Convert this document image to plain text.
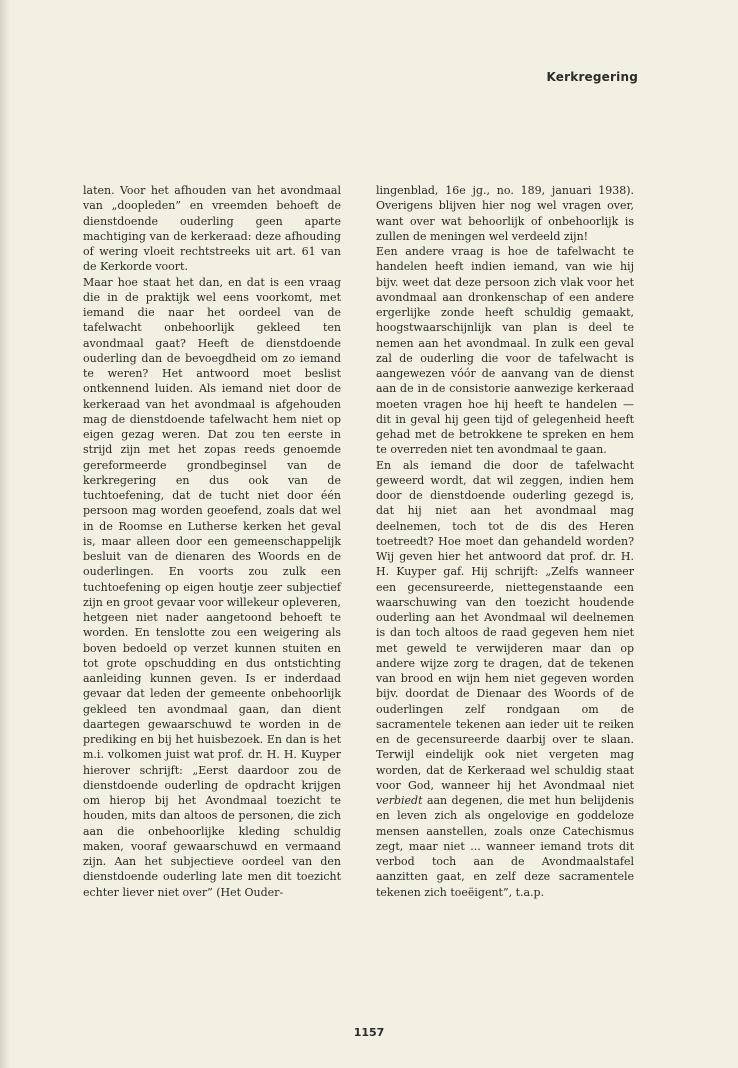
Kerkregering

laten. Voor het afhouden van het avondmaal van „doopleden” en vreemden behoeft de dienstdoende ouderling geen aparte machtiging van de kerkeraad: deze afhouding of wering vloeit rechtstreeks uit art. 61 van de Kerkorde voort.

Maar hoe staat het dan, en dat is een vraag die in de praktijk wel eens voorkomt, met iemand die naar het oordeel van de tafelwacht onbehoorlijk gekleed ten avondmaal gaat? Heeft de dienstdoende ouderling dan de bevoegdheid om zo iemand te weren? Het antwoord moet beslist ontkennend luiden. Als iemand niet door de kerkeraad van het avondmaal is afgehouden mag de dienstdoende tafelwacht hem niet op eigen gezag weren. Dat zou ten eerste in strijd zijn met het zopas reeds genoemde gereformeerde grondbeginsel van de kerkregering en dus ook van de tuchtoefening, dat de tucht niet door één persoon mag worden geoefend, zoals dat wel in de Roomse en Lutherse kerken het geval is, maar alleen door een gemeenschappelijk besluit van de dienaren des Woords en de ouderlingen. En voorts zou zulk een tuchtoefening op eigen houtje zeer subjectief zijn en groot gevaar voor willekeur opleveren, hetgeen niet nader aangetoond behoeft te worden. En tenslotte zou een weigering als boven bedoeld op verzet kunnen stuiten en tot grote opschudding en dus ontstichting aanleiding kunnen geven. Is er inderdaad gevaar dat leden der gemeente onbehoorlijk gekleed ten avondmaal gaan, dan dient daartegen gewaarschuwd te worden in de prediking en bij het huisbezoek. En dan is het m.i. volkomen juist wat prof. dr. H. H. Kuyper hierover schrijft: „Eerst daardoor zou de dienstdoende ouderling de opdracht krijgen om hierop bij het Avondmaal toezicht te houden, mits dan altoos de personen, die zich aan die onbehoorlijke kleding schuldig maken, vooraf gewaarschuwd en vermaand zijn. Aan het subjectieve oordeel van den dienstdoende ouderling late men dit toezicht echter liever niet over” (Het Ouder-

lingenblad, 16e jg., no. 189, januari 1938). Overigens blijven hier nog wel vragen over, want over wat behoorlijk of onbehoorlijk is zullen de meningen wel verdeeld zijn!

Een andere vraag is hoe de tafelwacht te handelen heeft indien iemand, van wie hij bijv. weet dat deze persoon zich vlak voor het avondmaal aan dronkenschap of een andere ergerlijke zonde heeft schuldig gemaakt, hoogstwaarschijnlijk van plan is deel te nemen aan het avondmaal. In zulk een geval zal de ouderling die voor de tafelwacht is aangewezen vóór de aanvang van de dienst aan de in de consistorie aanwezige kerkeraad moeten vragen hoe hij heeft te handelen — dit in geval hij geen tijd of gelegenheid heeft gehad met de betrokkene te spreken en hem te overreden niet ten avondmaal te gaan.

En als iemand die door de tafelwacht geweerd wordt, dat wil zeggen, indien hem door de dienstdoende ouderling gezegd is, dat hij niet aan het avondmaal mag deelnemen, toch tot de dis des Heren toetreedt? Hoe moet dan gehandeld worden? Wij geven hier het antwoord dat prof. dr. H. H. Kuyper gaf. Hij schrijft: „Zelfs wanneer een gecensureerde, niettegenstaande een waarschuwing van den toezicht houdende ouderling aan het Avondmaal wil deelnemen is dan toch altoos de raad gegeven hem niet met geweld te verwijderen maar dan op andere wijze zorg te dragen, dat de tekenen van brood en wijn hem niet gegeven worden bijv. doordat de Dienaar des Woords of de ouderlingen zelf rondgaan om de sacramentele tekenen aan ieder uit te reiken en de gecensureerde daarbij over te slaan. Terwijl eindelijk ook niet vergeten mag worden, dat de Kerkeraad wel schuldig staat voor God, wanneer hij het Avondmaal niet verbiedt aan degenen, die met hun belijdenis en leven zich als ongelovige en goddeloze mensen aanstellen, zoals onze Catechismus zegt, maar niet ... wanneer iemand trots dit verbod toch aan de Avondmaalstafel aanzitten gaat, en zelf deze sacramentele tekenen zich toeëigent”, t.a.p.

1157
